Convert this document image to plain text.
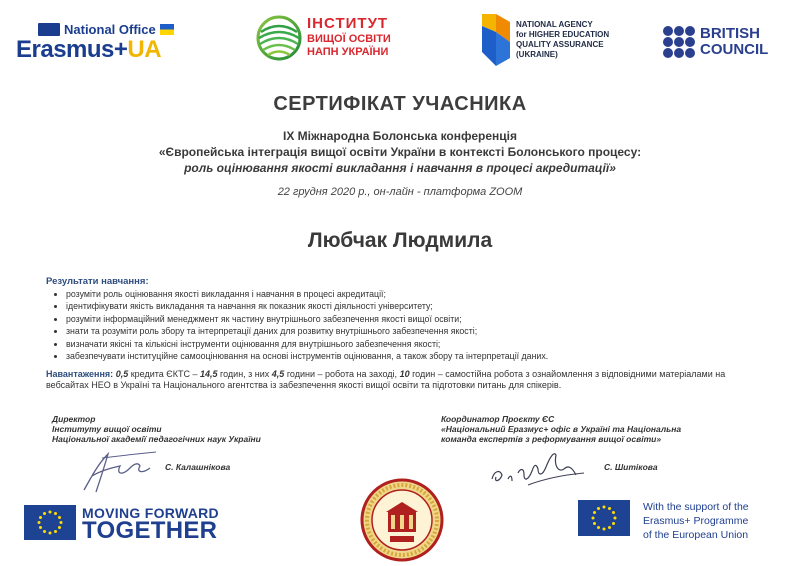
National Office
Erasmus+UA
ІНСТИТУТ
ВИЩОЇ ОСВІТИ
НАПН УКРАЇНИ
NATIONAL AGENCY
for HIGHER EDUCATION
QUALITY ASSURANCE
(UKRAINE)
BRITISH
COUNCIL
СЕРТИФІКАТ УЧАСНИКА
IX Міжнародна Болонська конференція
«Європейська інтеграція вищої освіти України в контексті Болонського процесу:
роль оцінювання якості викладання і навчання в процесі акредитації»
22 грудня 2020 р., он-лайн - платформа ZOOM
Любчак Людмила
Результати навчання:
• розуміти роль оцінювання якості викладання і навчання в процесі акредитації;
• ідентифікувати якість викладання та навчання як показник якості діяльності університету;
• розуміти інформаційний менеджмент як частину внутрішнього забезпечення якості вищої освіти;
• знати та розуміти роль збору та інтерпретації даних для розвитку внутрішнього забезпечення якості;
• визначати якісні та кількісні інструменти оцінювання для внутрішнього забезпечення якості;
• забезпечувати інституційне самооцінювання на основі інструментів оцінювання, а також збору та інтерпретації даних.
Навантаження: 0,5 кредита ЄКТС – 14,5 годин, з них 4,5 години – робота на заході, 10 годин – самостійна робота з ознайомлення з відповідними матеріалами на вебсайтах НЕО в Україні та Національного агентства із забезпечення якості вищої освіти та підготовки питань для спікерів.
Директор
Інституту вищої освіти
Національної академії педагогічних наук України
С. Калашнікова
Координатор Проєкту ЄС
«Національний Еразмус+ офіс в Україні та Національна
команда експертів з реформування вищої освіти»
С. Шитікова
MOVING FORWARD
TOGETHER
With the support of the
Erasmus+ Programme
of the European Union
